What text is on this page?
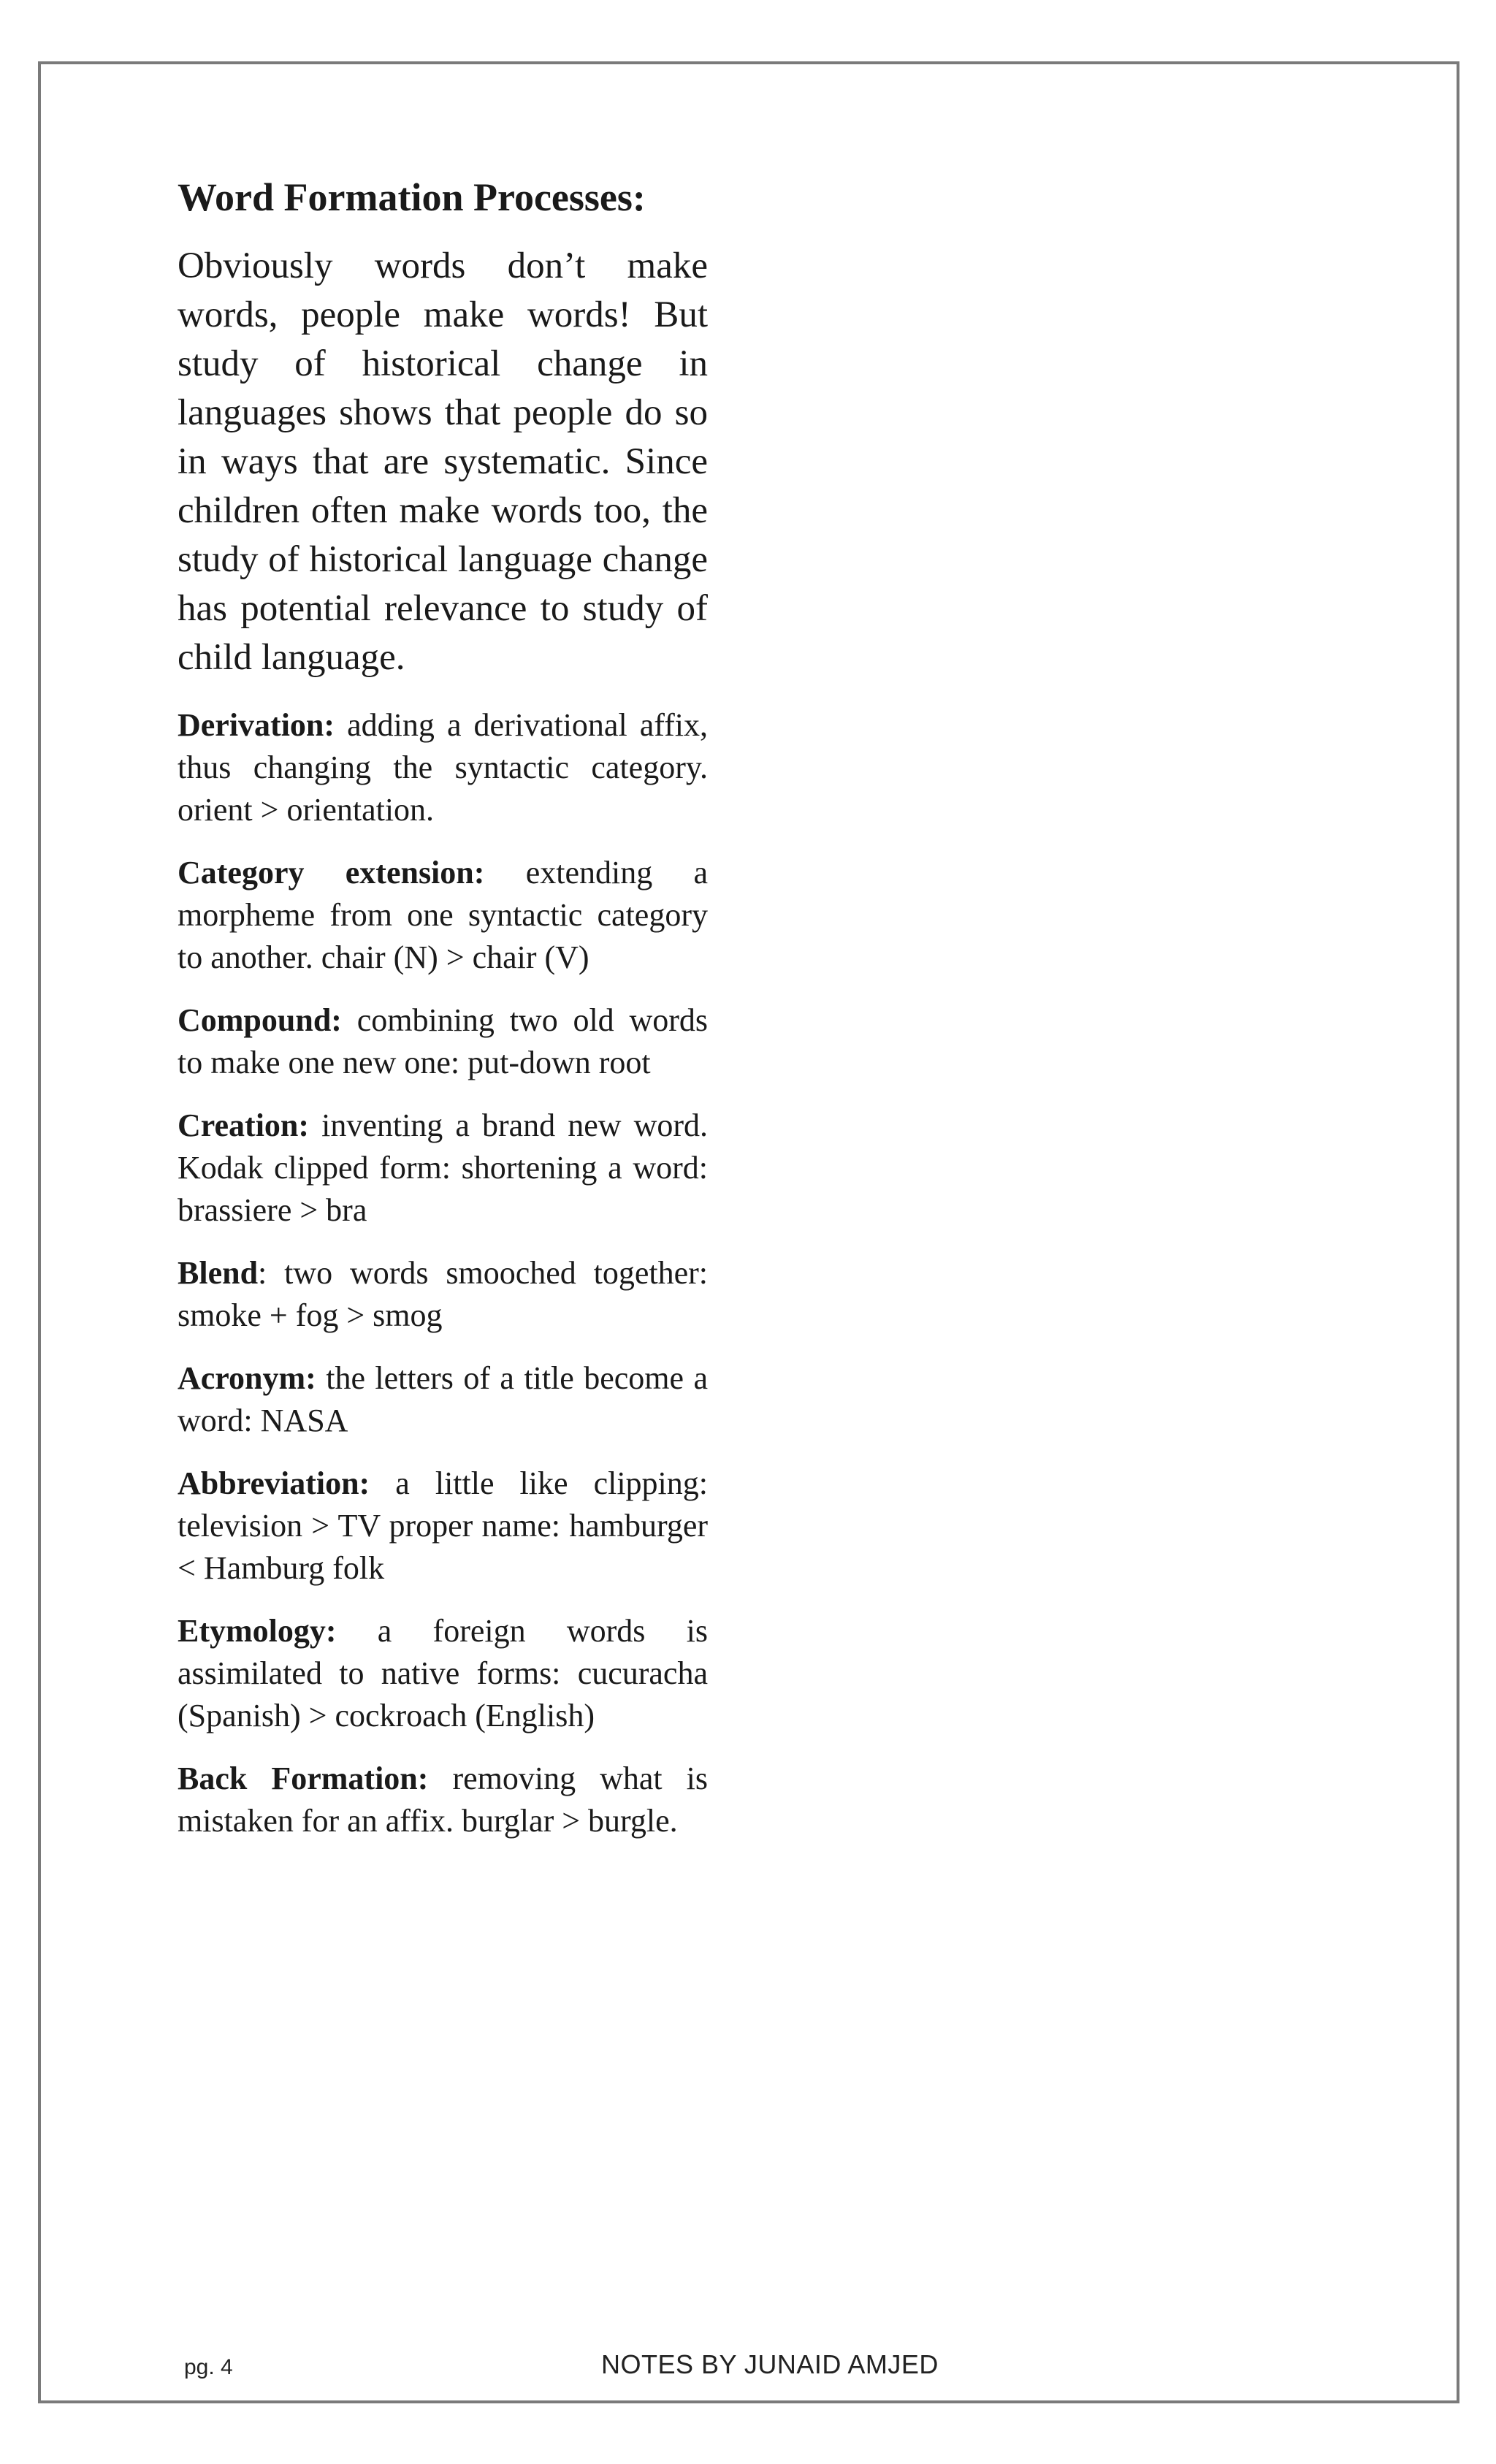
Word Formation Processes:

Obviously words don’t make words, people make words! But study of historical change in languages shows that people do so in ways that are systematic. Since children often make words too, the study of historical language change has potential relevance to study of child language.

Derivation: adding a derivational affix, thus changing the syntactic category. orient > orientation.

Category extension: extending a morpheme from one syntactic category to another. chair (N) > chair (V)

Compound: combining two old words to make one new one: put-down root

Creation: inventing a brand new word. Kodak clipped form: shortening a word: brassiere > bra

Blend: two words smooched together: smoke + fog > smog

Acronym: the letters of a title become a word: NASA

Abbreviation: a little like clipping: television > TV proper name: hamburger < Hamburg folk

Etymology: a foreign words is assimilated to native forms: cucuracha (Spanish) > cockroach (English)

Back Formation: removing what is mistaken for an affix. burglar > burgle.

pg. 4	NOTES BY JUNAID AMJED
